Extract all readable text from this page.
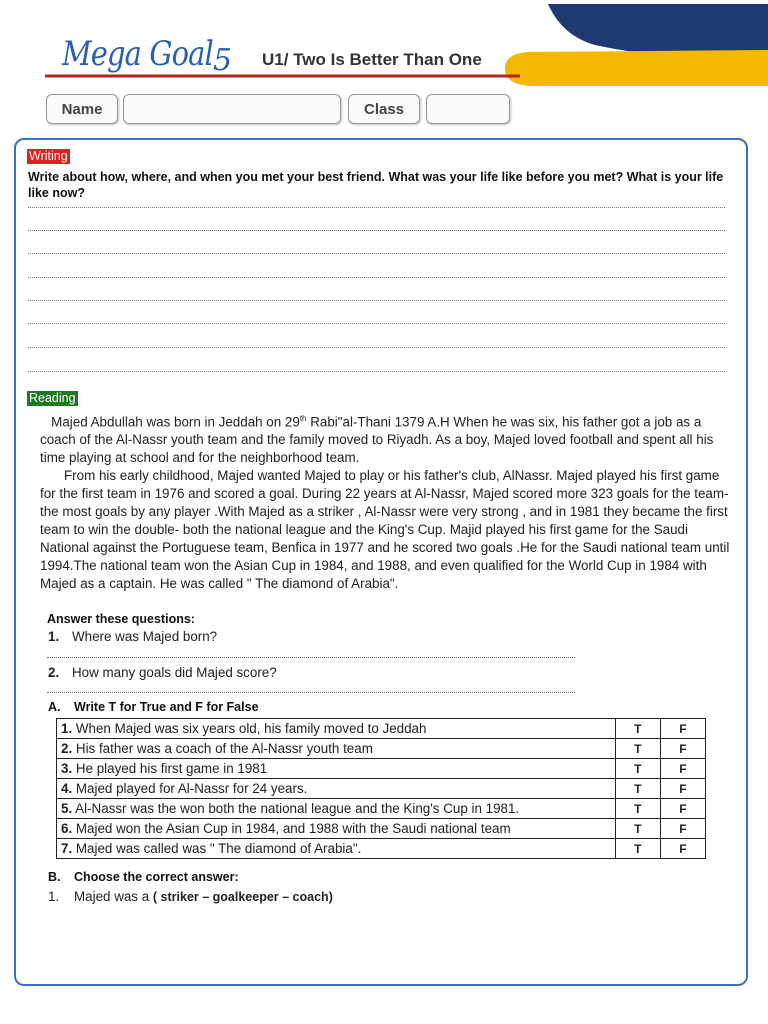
Mega Goal 5 U1/ Two Is Better Than One
Name	Class
Writing
Write about how, where, and when you met your best friend. What was your life like before you met? What is your life like now?
Reading

Majed Abdullah was born in Jeddah on 29th Rabi"al-Thani 1379 A.H When he was six, his father got a job as a coach of the Al-Nassr youth team and the family moved to Riyadh. As a boy, Majed loved football and spent all his time playing at school and for the neighborhood team.

From his early childhood, Majed wanted Majed to play or his father's club, AlNassr. Majed played his first game for the first team in 1976 and scored a goal. During 22 years at Al-Nassr, Majed scored more 323 goals for the team- the most goals by any player .With Majed as a striker , Al-Nassr were very strong , and in 1981 they became the first team to win the double- both the national league and the King's Cup. Majid played his first game for the Saudi National against the Portuguese team, Benfica in 1977 and he scored two goals .He for the Saudi national team until 1994.The national team won the Asian Cup in 1984, and 1988, and even qualified for the World Cup in 1984 with Majed as a captain. He was called " The diamond of Arabia".

Answer these questions:
1. Where was Majed born?
2. How many goals did Majed score?
A. Write T for True and F for False
1. When Majed was six years old, his family moved to Jeddah	T	F
2. His father was a coach of the Al-Nassr youth team	T	F
3. He played his first game in 1981	T	F
4. Majed played for Al-Nassr for 24 years.	T	F
5. Al-Nassr was the won both the national league and the King's Cup in 1981.	T	F
6. Majed won the Asian Cup in 1984, and 1988 with the Saudi national team	T	F
7. Majed was called was " The diamond of Arabia".	T	F
B. Choose the correct answer:
1. Majed was a ( striker – goalkeeper – coach)
